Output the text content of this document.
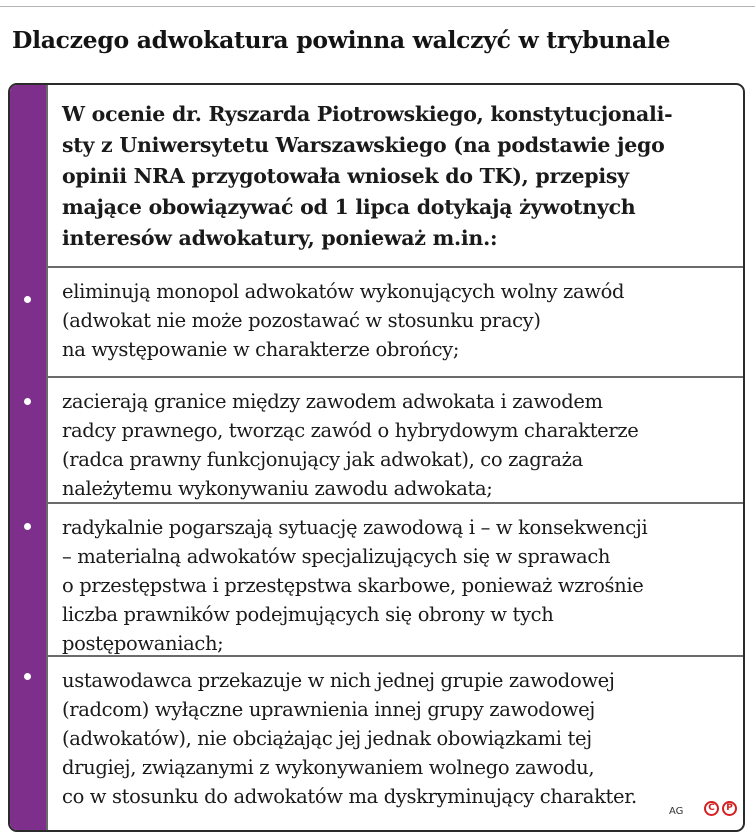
Dlaczego adwokatura powinna walczyć w trybunale
W ocenie dr. Ryszarda Piotrowskiego, konstytucjonali-
sty z Uniwersytetu Warszawskiego (na podstawie jego
opinii NRA przygotowała wniosek do TK), przepisy
mające obowiązywać od 1 lipca dotykają żywotnych
interesów adwokatury, ponieważ m.in.:
eliminują monopol adwokatów wykonujących wolny zawód
(adwokat nie może pozostawać w stosunku pracy)
na występowanie w charakterze obrońcy;
zacierają granice między zawodem adwokata i zawodem
radcy prawnego, tworząc zawód o hybrydowym charakterze
(radca prawny funkcjonujący jak adwokat), co zagraża
należytemu wykonywaniu zawodu adwokata;
radykalnie pogarszają sytuację zawodową i – w konsekwencji
– materialną adwokatów specjalizujących się w sprawach
o przestępstwa i przestępstwa skarbowe, ponieważ wzrośnie
liczba prawników podejmujących się obrony w tych
postępowaniach;
ustawodawca przekazuje w nich jednej grupie zawodowej
(radcom) wyłączne uprawnienia innej grupy zawodowej
(adwokatów), nie obciążając jej jednak obowiązkami tej
drugiej, związanymi z wykonywaniem wolnego zawodu,
co w stosunku do adwokatów ma dyskryminujący charakter.
AG	C	P
